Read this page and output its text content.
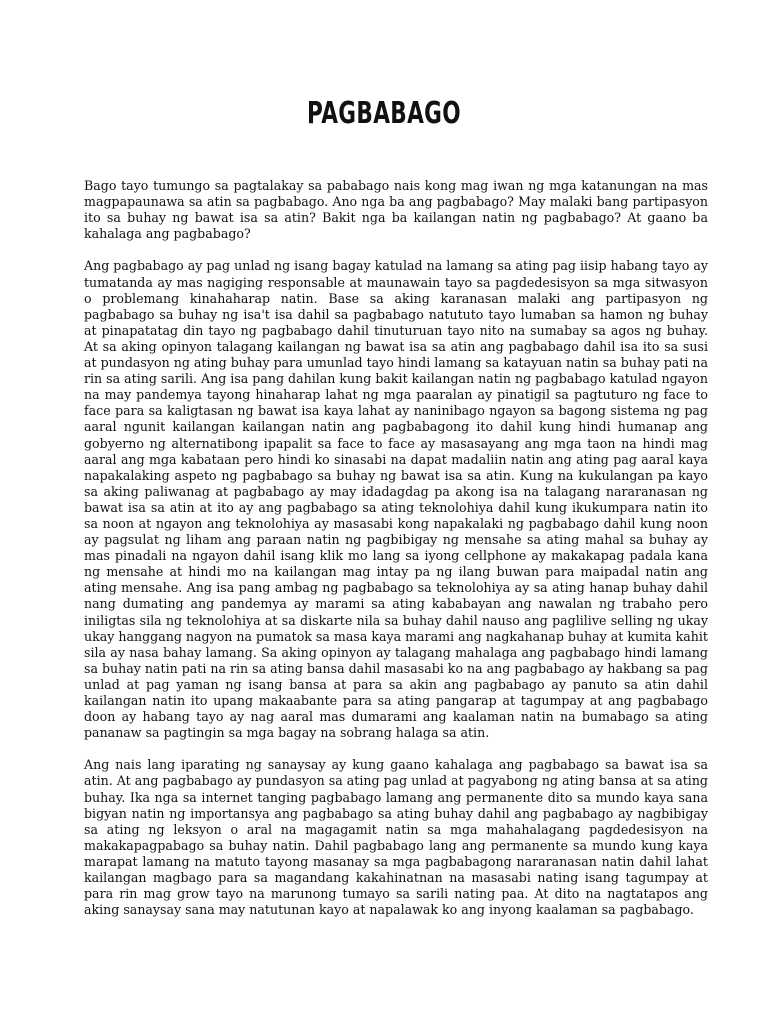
PAGBABAGO

Bago tayo tumungo sa pagtalakay sa pababago nais kong mag iwan ng mga katanungan na mas magpapaunawa sa atin sa pagbabago. Ano nga ba ang pagbabago? May malaki bang partipasyon ito sa buhay ng bawat isa sa atin? Bakit nga ba kailangan natin ng pagbabago? At gaano ba kahalaga ang pagbabago?

Ang pagbabago ay pag unlad ng isang bagay katulad na lamang sa ating pag iisip habang tayo ay tumatanda ay mas nagiging responsable at maunawain tayo sa pagdedesisyon sa mga sitwasyon o problemang kinahaharap natin. Base sa aking karanasan malaki ang partipasyon ng pagbabago sa buhay ng isa't isa dahil sa pagbabago natututo tayo lumaban sa hamon ng buhay at pinapatatag din tayo ng pagbabago dahil tinuturuan tayo nito na sumabay sa agos ng buhay. At sa aking opinyon talagang kailangan ng bawat isa sa atin ang pagbabago dahil isa ito sa susi at pundasyon ng ating buhay para umunlad tayo hindi lamang sa katayuan natin sa buhay pati na rin sa ating sarili. Ang isa pang dahilan kung bakit kailangan natin ng pagbabago katulad ngayon na may pandemya tayong hinaharap lahat ng mga paaralan ay pinatigil sa pagtuturo ng face to face para sa kaligtasan ng bawat isa kaya lahat ay naninibago ngayon sa bagong sistema ng pag aaral ngunit kailangan kailangan natin ang pagbabagong ito dahil kung hindi humanap ang gobyerno ng alternatibong ipapalit sa face to face ay masasayang ang mga taon na hindi mag aaral ang mga kabataan pero hindi ko sinasabi na dapat madaliin natin ang ating pag aaral kaya napakalaking aspeto ng pagbabago sa buhay ng bawat isa sa atin. Kung na kukulangan pa kayo sa aking paliwanag at pagbabago ay may idadagdag pa akong isa na talagang nararanasan ng bawat isa sa atin at ito ay ang pagbabago sa ating teknolohiya dahil kung ikukumpara natin ito sa noon at ngayon ang teknolohiya ay masasabi kong napakalaki ng pagbabago dahil kung noon ay pagsulat ng liham ang paraan natin ng pagbibigay ng mensahe sa ating mahal sa buhay ay mas pinadali na ngayon dahil isang klik mo lang sa iyong cellphone ay makakapag padala kana ng mensahe at hindi mo na kailangan mag intay pa ng ilang buwan para maipadal natin ang ating mensahe. Ang isa pang ambag ng pagbabago sa teknolohiya ay sa ating hanap buhay dahil nang dumating ang pandemya ay marami sa ating kababayan ang nawalan ng trabaho pero iniligtas sila ng teknolohiya at sa diskarte nila sa buhay dahil nauso ang paglilive selling ng ukay ukay hanggang nagyon na pumatok sa masa kaya marami ang nagkahanap buhay at kumita kahit sila ay nasa bahay lamang. Sa aking opinyon ay talagang mahalaga ang pagbabago hindi lamang sa buhay natin pati na rin sa ating bansa dahil masasabi ko na ang pagbabago ay hakbang sa pag unlad at pag yaman ng isang bansa at para sa akin ang pagbabago ay panuto sa atin dahil kailangan natin ito upang makaabante para sa ating pangarap at tagumpay at ang pagbabago doon ay habang tayo ay nag aaral mas dumarami ang kaalaman natin na bumabago sa ating pananaw sa pagtingin sa mga bagay na sobrang halaga sa atin.

Ang nais lang iparating ng sanaysay ay kung gaano kahalaga ang pagbabago sa bawat isa sa atin. At ang pagbabago ay pundasyon sa ating pag unlad at pagyabong ng ating bansa at sa ating buhay. Ika nga sa internet tanging pagbabago lamang ang permanente dito sa mundo kaya sana bigyan natin ng importansya ang pagbabago sa ating buhay dahil ang pagbabago ay nagbibigay sa ating ng leksyon o aral na magagamit natin sa mga mahahalagang pagdedesisyon na makakapagpabago sa buhay natin. Dahil pagbabago lang ang permanente sa mundo kung kaya marapat lamang na matuto tayong masanay sa mga pagbabagong nararanasan natin dahil lahat kailangan magbago para sa magandang kakahinatnan na masasabi nating isang tagumpay at para rin mag grow tayo na marunong tumayo sa sarili nating paa. At dito na nagtatapos ang aking sanaysay sana may natutunan kayo at napalawak ko ang inyong kaalaman sa pagbabago.
